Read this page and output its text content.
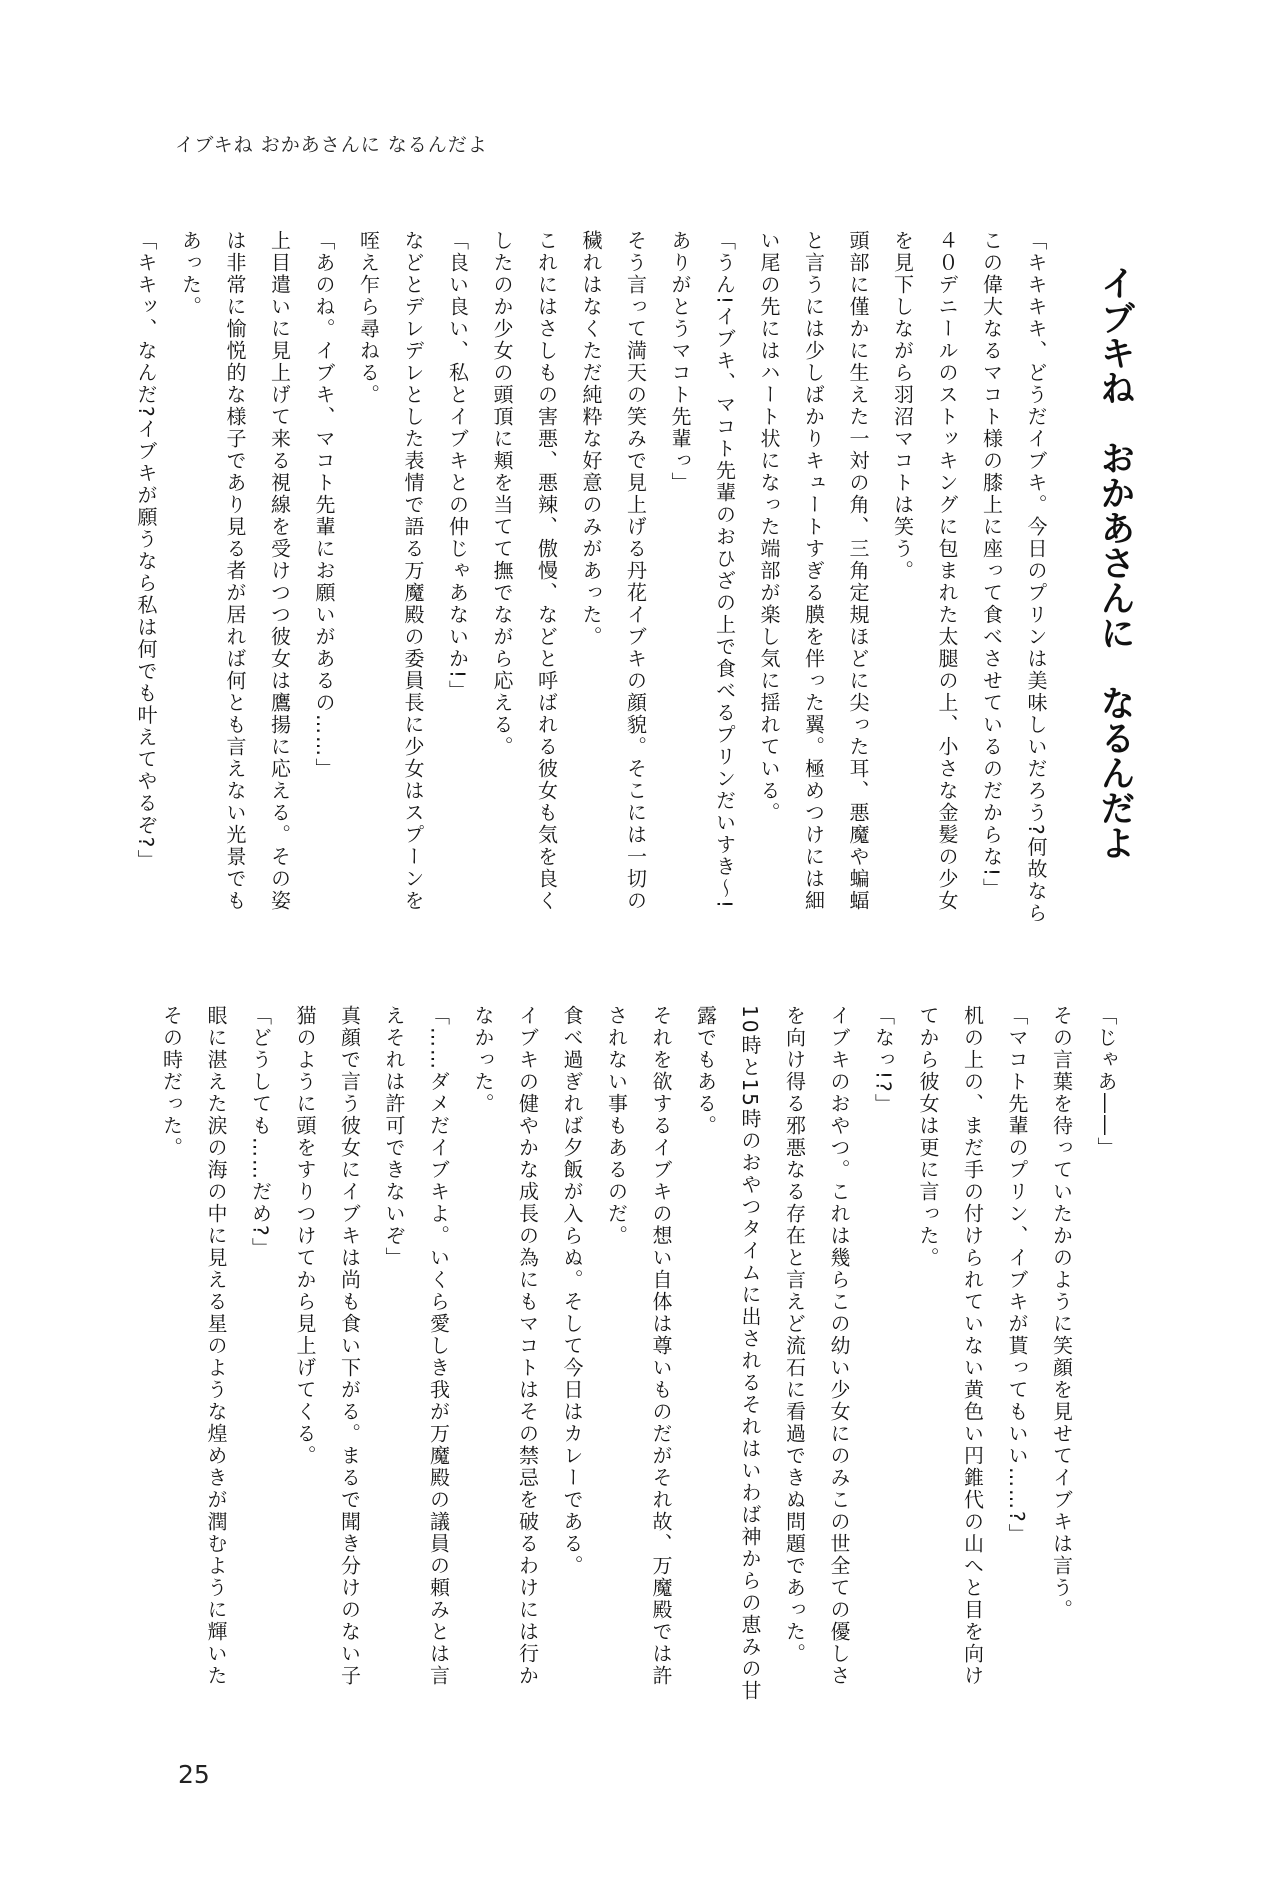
イブキね おかあさんに なるんだよ
イブキね　おかあさんに　なるんだよ

「キキキキ、どうだイブキ。今日のプリンは美味しいだろう?何故ならこの偉大なるマコト様の膝上に座って食べさせているのだからな!」

４０デニールのストッキングに包まれた太腿の上、小さな金髪の少女を見下しながら羽沼マコトは笑う。

頭部に僅かに生えた一対の角、三角定規ほどに尖った耳、悪魔や蝙蝠と言うには少しばかりキュートすぎる膜を伴った翼。極めつけには細い尾の先にはハート状になった端部が楽し気に揺れている。

「うん!イブキ、マコト先輩のおひざの上で食べるプリンだいすき～!ありがとうマコト先輩っ」

そう言って満天の笑みで見上げる丹花イブキの顔貌。そこには一切の穢れはなくただ純粋な好意のみがあった。

これにはさしもの害悪、悪辣、傲慢、などと呼ばれる彼女も気を良くしたのか少女の頭頂に頬を当てて撫でながら応える。

「良い良い、私とイブキとの仲じゃあないか!」

などとデレデレとした表情で語る万魔殿の委員長に少女はスプーンを咥え乍ら尋ねる。

「あのね。イブキ、マコト先輩にお願いがあるの……」

上目遣いに見上げて来る視線を受けつつ彼女は鷹揚に応える。その姿は非常に愉悦的な様子であり見る者が居れば何とも言えない光景でもあった。

「キキッ、なんだ?イブキが願うなら私は何でも叶えてやるぞ?」

「じゃあ――」

その言葉を待っていたかのように笑顔を見せてイブキは言う。

「マコト先輩のプリン、イブキが貰ってもいい……?」

机の上の、まだ手の付けられていない黄色い円錐代の山へと目を向けてから彼女は更に言った。

「なっ!?」

イブキのおやつ。これは幾らこの幼い少女にのみこの世全ての優しさを向け得る邪悪なる存在と言えど流石に看過できぬ問題であった。

10時と15時のおやつタイムに出されるそれはいわば神からの恵みの甘露でもある。

それを欲するイブキの想い自体は尊いものだがそれ故、万魔殿では許されない事もあるのだ。

食べ過ぎれば夕飯が入らぬ。そして今日はカレーである。

イブキの健やかな成長の為にもマコトはその禁忌を破るわけには行かなかった。

「……ダメだイブキよ。いくら愛しき我が万魔殿の議員の頼みとは言えそれは許可できないぞ」

真顔で言う彼女にイブキは尚も食い下がる。まるで聞き分けのない子猫のように頭をすりつけてから見上げてくる。

「どうしても……だめ?」

眼に湛えた涙の海の中に見える星のような煌めきが潤むように輝いたその時だった。

25
